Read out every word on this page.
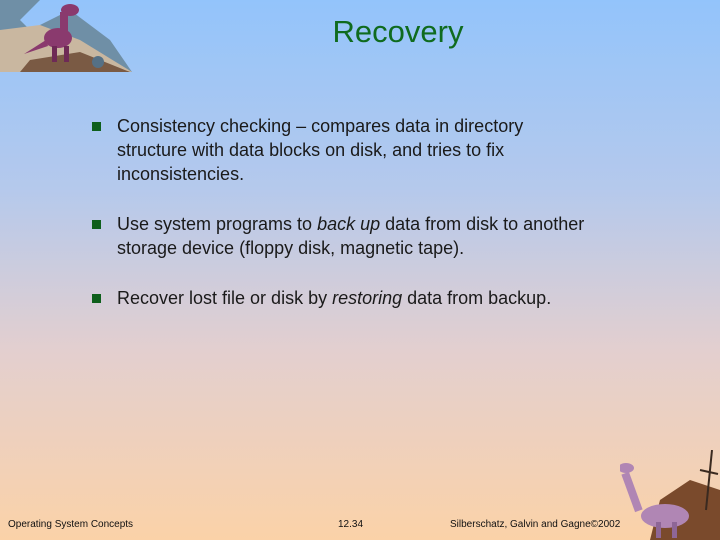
Recovery
Consistency checking – compares data in directory structure with data blocks on disk, and tries to fix inconsistencies.
Use system programs to back up data from disk to another storage device (floppy disk, magnetic tape).
Recover lost file or disk by restoring data from backup.
Operating System Concepts	12.34	Silberschatz, Galvin and Gagne©2002
